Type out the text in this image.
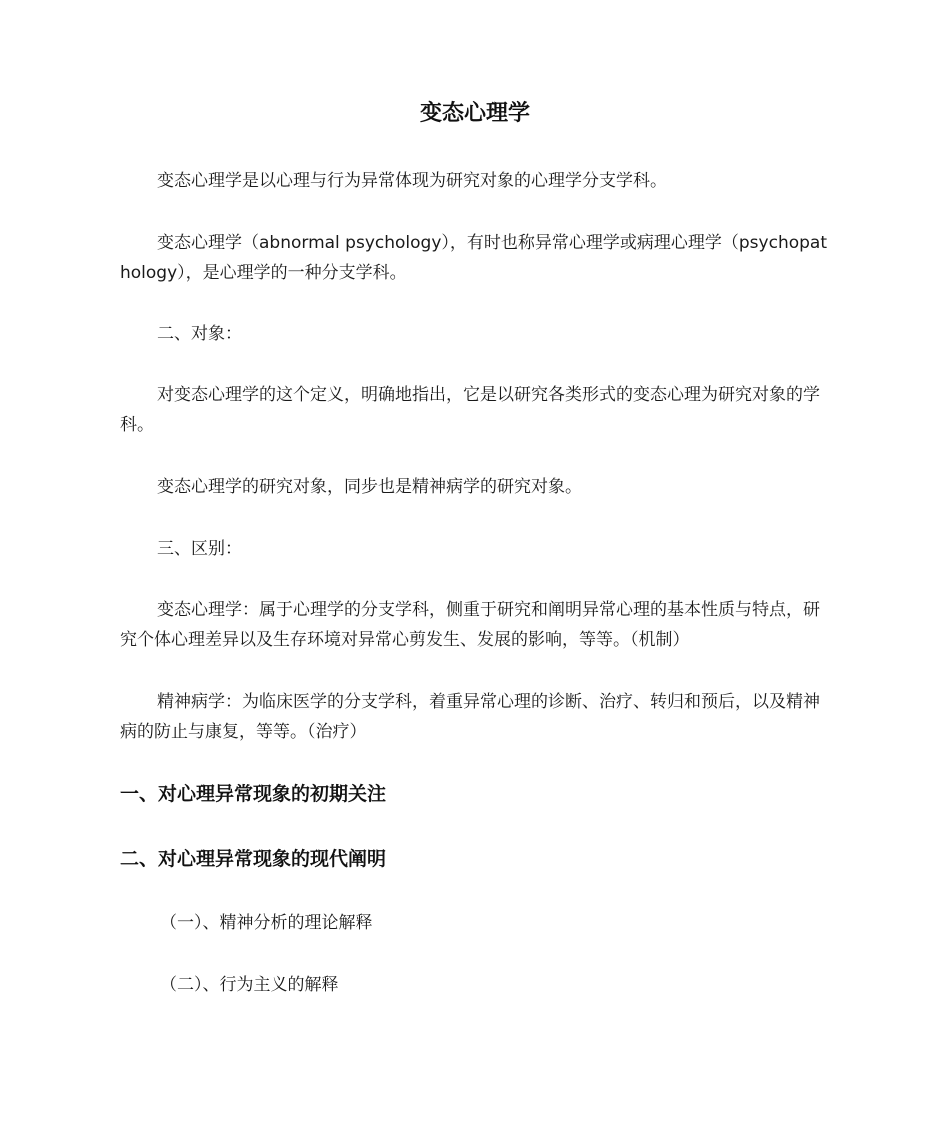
变态心理学
变态心理学是以心理与行为异常体现为研究对象的心理学分支学科。
变态心理学（abnormal psychology），有时也称异常心理学或病理心理学（psychopathology），是心理学的一种分支学科。
二、对象：
对变态心理学的这个定义，明确地指出，它是以研究各类形式的变态心理为研究对象的学科。
变态心理学的研究对象，同步也是精神病学的研究对象。
三、区别：
变态心理学：属于心理学的分支学科，侧重于研究和阐明异常心理的基本性质与特点，研究个体心理差异以及生存环境对异常心剪发生、发展的影响，等等。（机制）
精神病学：为临床医学的分支学科，着重异常心理的诊断、治疗、转归和预后，以及精神病的防止与康复，等等。（治疗）
一、对心理异常现象的初期关注
二、对心理异常现象的现代阐明
（一）、精神分析的理论解释
（二）、行为主义的解释
